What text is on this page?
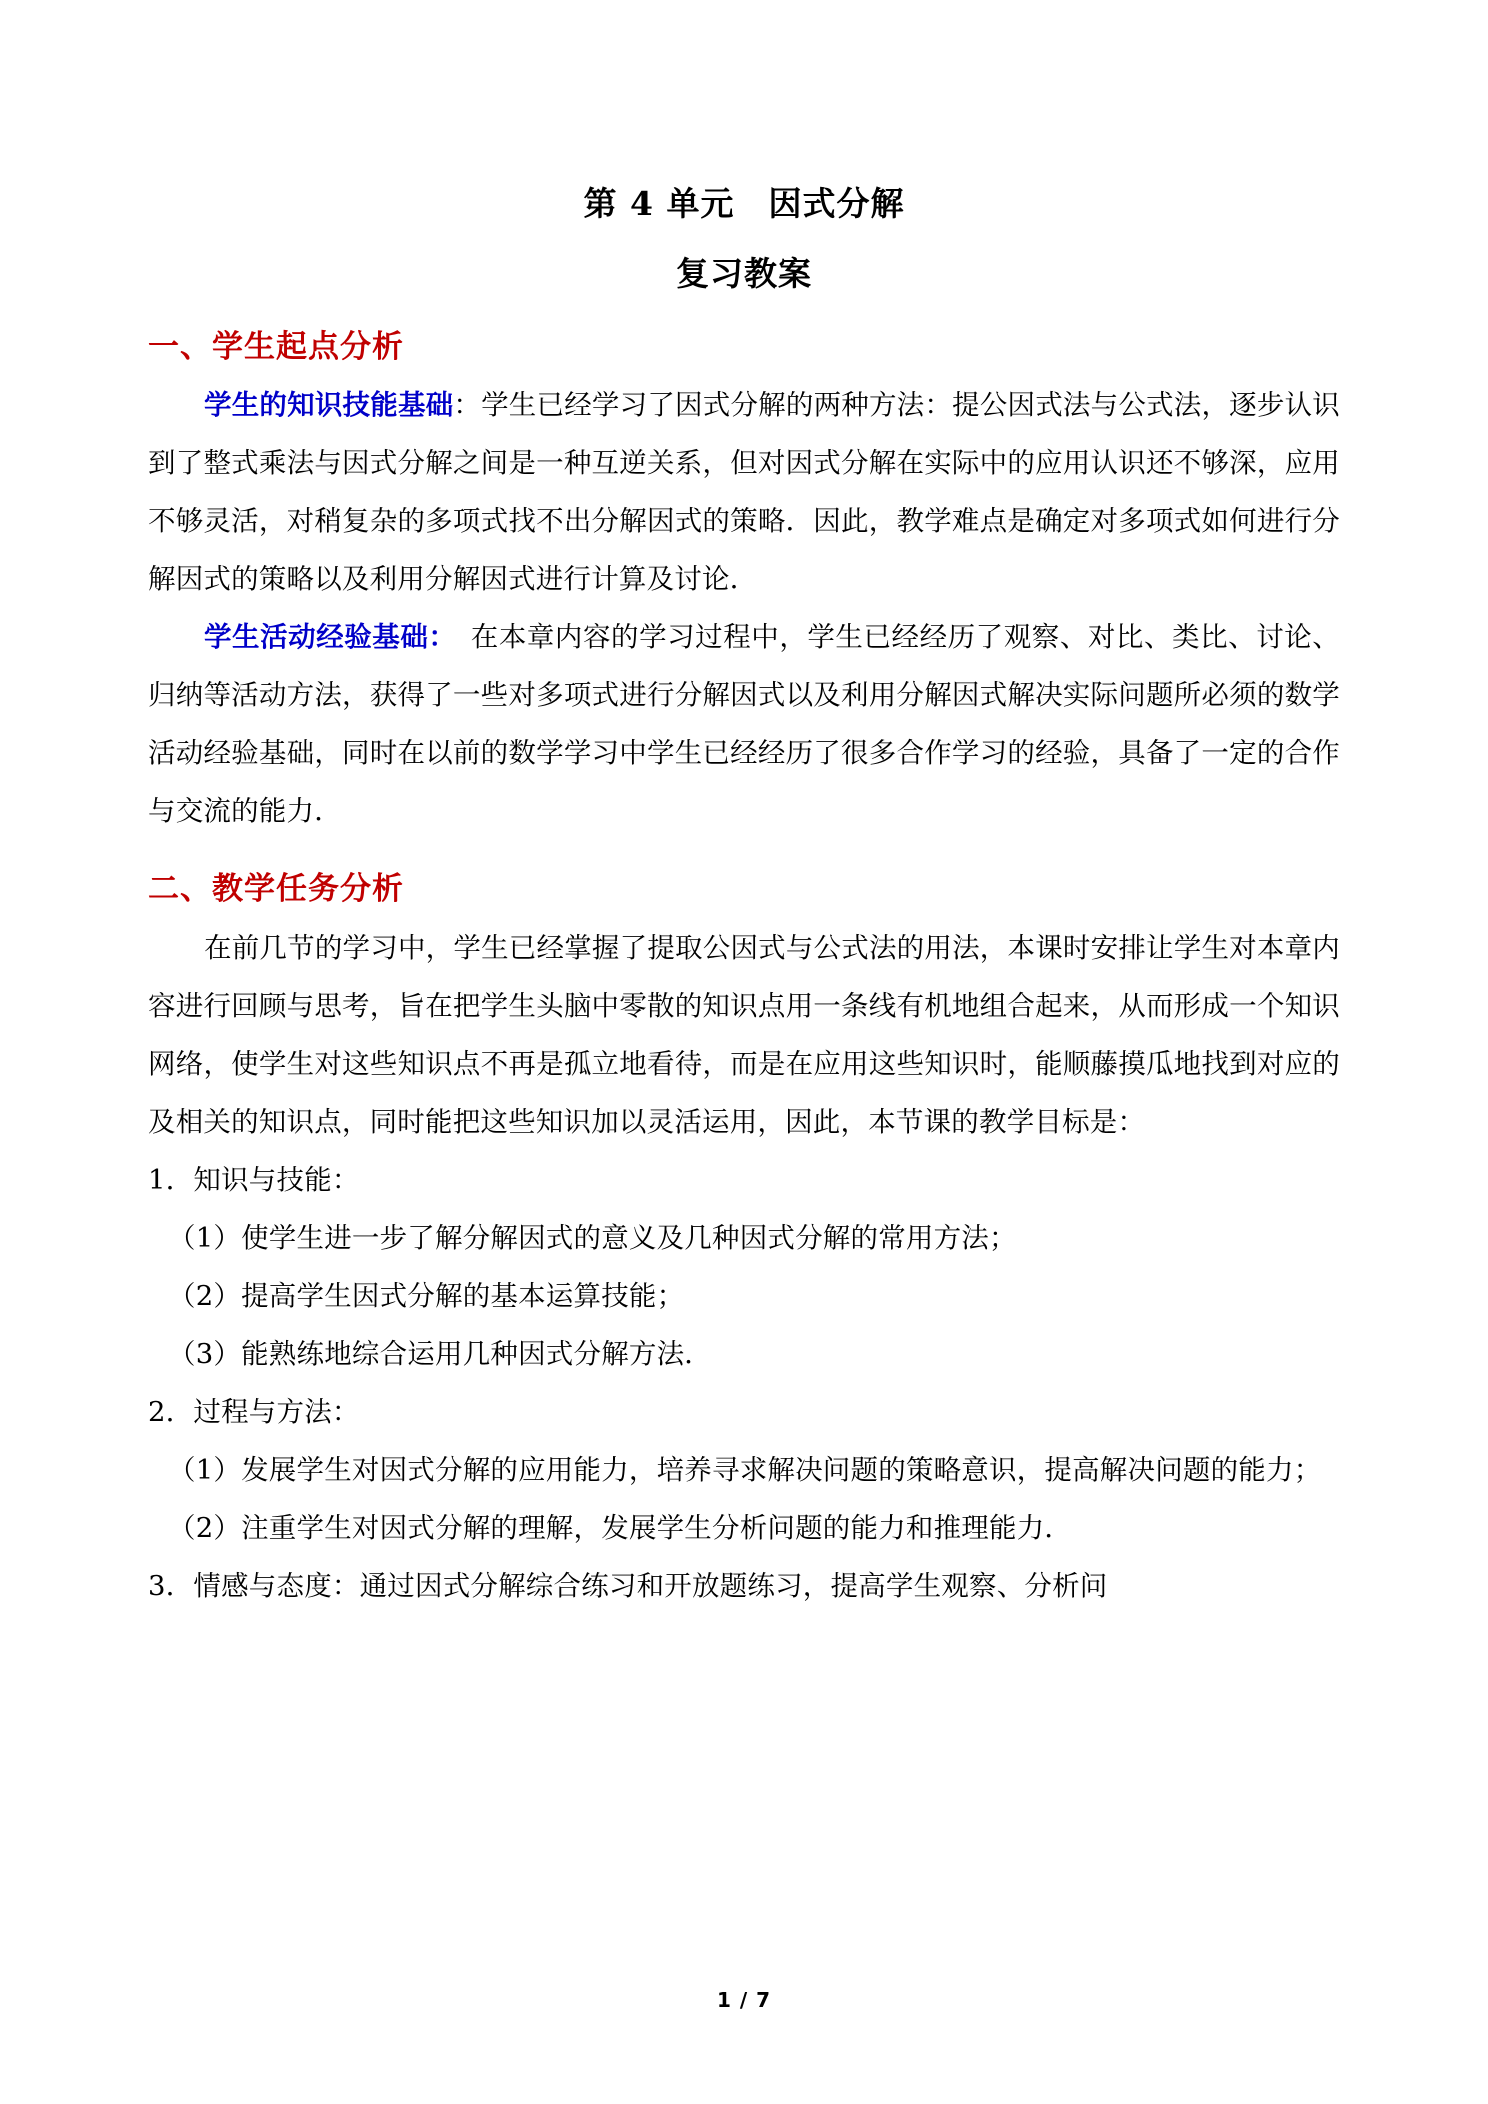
第 4 单元　因式分解
复习教案
一、学生起点分析

学生的知识技能基础：学生已经学习了因式分解的两种方法：提公因式法与公式法，逐步认识到了整式乘法与因式分解之间是一种互逆关系，但对因式分解在实际中的应用认识还不够深，应用不够灵活，对稍复杂的多项式找不出分解因式的策略．因此，教学难点是确定对多项式如何进行分解因式的策略以及利用分解因式进行计算及讨论．

学生活动经验基础：　在本章内容的学习过程中，学生已经经历了观察、对比、类比、讨论、归纳等活动方法，获得了一些对多项式进行分解因式以及利用分解因式解决实际问题所必须的数学活动经验基础，同时在以前的数学学习中学生已经经历了很多合作学习的经验，具备了一定的合作与交流的能力．

二、教学任务分析

在前几节的学习中，学生已经掌握了提取公因式与公式法的用法，本课时安排让学生对本章内容进行回顾与思考，旨在把学生头脑中零散的知识点用一条线有机地组合起来，从而形成一个知识网络，使学生对这些知识点不再是孤立地看待，而是在应用这些知识时，能顺藤摸瓜地找到对应的及相关的知识点，同时能把这些知识加以灵活运用，因此，本节课的教学目标是：

1．知识与技能：

（1）使学生进一步了解分解因式的意义及几种因式分解的常用方法；

（2）提高学生因式分解的基本运算技能；

（3）能熟练地综合运用几种因式分解方法．

2．过程与方法：

（1）发展学生对因式分解的应用能力，培养寻求解决问题的策略意识，提高解决问题的能力；

（2）注重学生对因式分解的理解，发展学生分析问题的能力和推理能力．

3．情感与态度：通过因式分解综合练习和开放题练习，提高学生观察、分析问

1 / 7
